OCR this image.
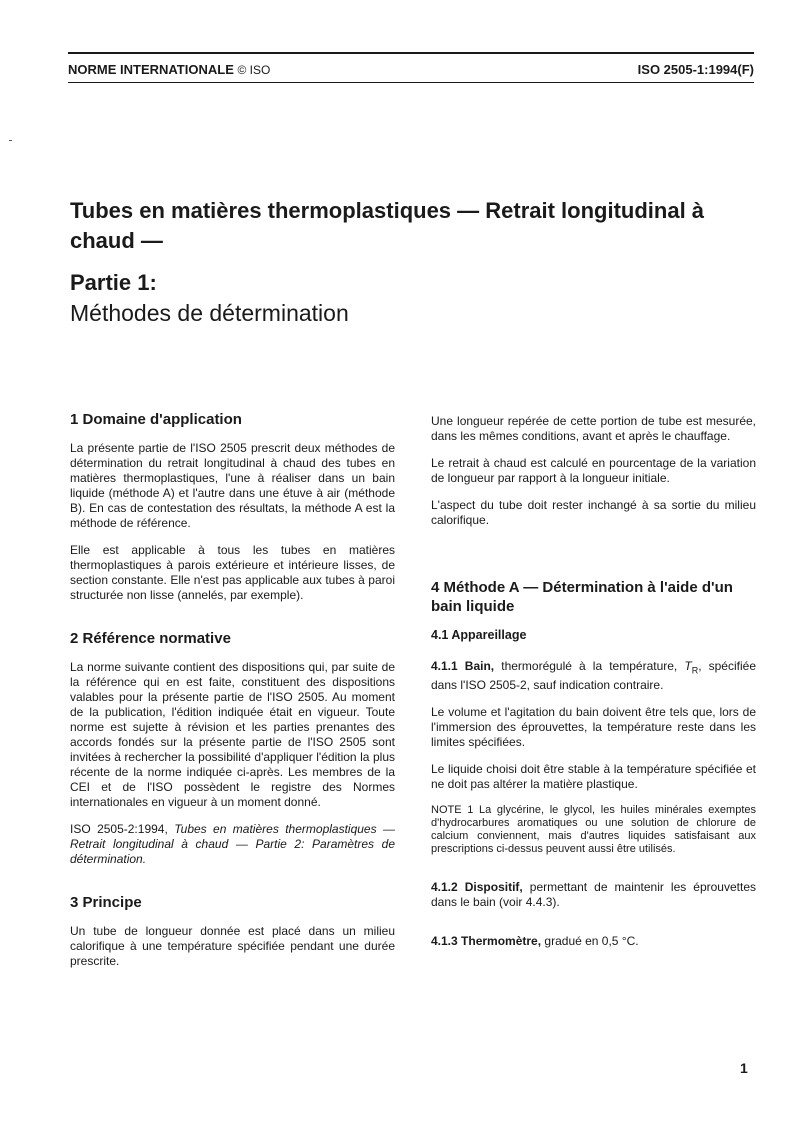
NORME INTERNATIONALE © ISO	ISO 2505-1:1994(F)
Tubes en matières thermoplastiques — Retrait longitudinal à chaud —
Partie 1:
Méthodes de détermination
1 Domaine d'application

La présente partie de l'ISO 2505 prescrit deux méthodes de détermination du retrait longitudinal à chaud des tubes en matières thermoplastiques, l'une à réaliser dans un bain liquide (méthode A) et l'autre dans une étuve à air (méthode B). En cas de contestation des résultats, la méthode A est la méthode de référence.

Elle est applicable à tous les tubes en matières thermoplastiques à parois extérieure et intérieure lisses, de section constante. Elle n'est pas applicable aux tubes à paroi structurée non lisse (annelés, par exemple).

2 Référence normative

La norme suivante contient des dispositions qui, par suite de la référence qui en est faite, constituent des dispositions valables pour la présente partie de l'ISO 2505. Au moment de la publication, l'édition indiquée était en vigueur. Toute norme est sujette à révision et les parties prenantes des accords fondés sur la présente partie de l'ISO 2505 sont invitées à rechercher la possibilité d'appliquer l'édition la plus récente de la norme indiquée ci-après. Les membres de la CEI et de l'ISO possèdent le registre des Normes internationales en vigueur à un moment donné.

ISO 2505-2:1994, Tubes en matières thermoplastiques — Retrait longitudinal à chaud — Partie 2: Paramètres de détermination.

3 Principe

Un tube de longueur donnée est placé dans un milieu calorifique à une température spécifiée pendant une durée prescrite.

Une longueur repérée de cette portion de tube est mesurée, dans les mêmes conditions, avant et après le chauffage.

Le retrait à chaud est calculé en pourcentage de la variation de longueur par rapport à la longueur initiale.

L'aspect du tube doit rester inchangé à sa sortie du milieu calorifique.

4 Méthode A — Détermination à l'aide d'un bain liquide
4.1 Appareillage

4.1.1 Bain, thermorégulé à la température, $T_R$, spécifiée dans l'ISO 2505-2, sauf indication contraire.

Le volume et l'agitation du bain doivent être tels que, lors de l'immersion des éprouvettes, la température reste dans les limites spécifiées.

Le liquide choisi doit être stable à la température spécifiée et ne doit pas altérer la matière plastique.

NOTE 1 La glycérine, le glycol, les huiles minérales exemptes d'hydrocarbures aromatiques ou une solution de chlorure de calcium conviennent, mais d'autres liquides satisfaisant aux prescriptions ci-dessus peuvent aussi être utilisés.

4.1.2 Dispositif, permettant de maintenir les éprouvettes dans le bain (voir 4.4.3).

4.1.3 Thermomètre, gradué en 0,5 °C.

1
